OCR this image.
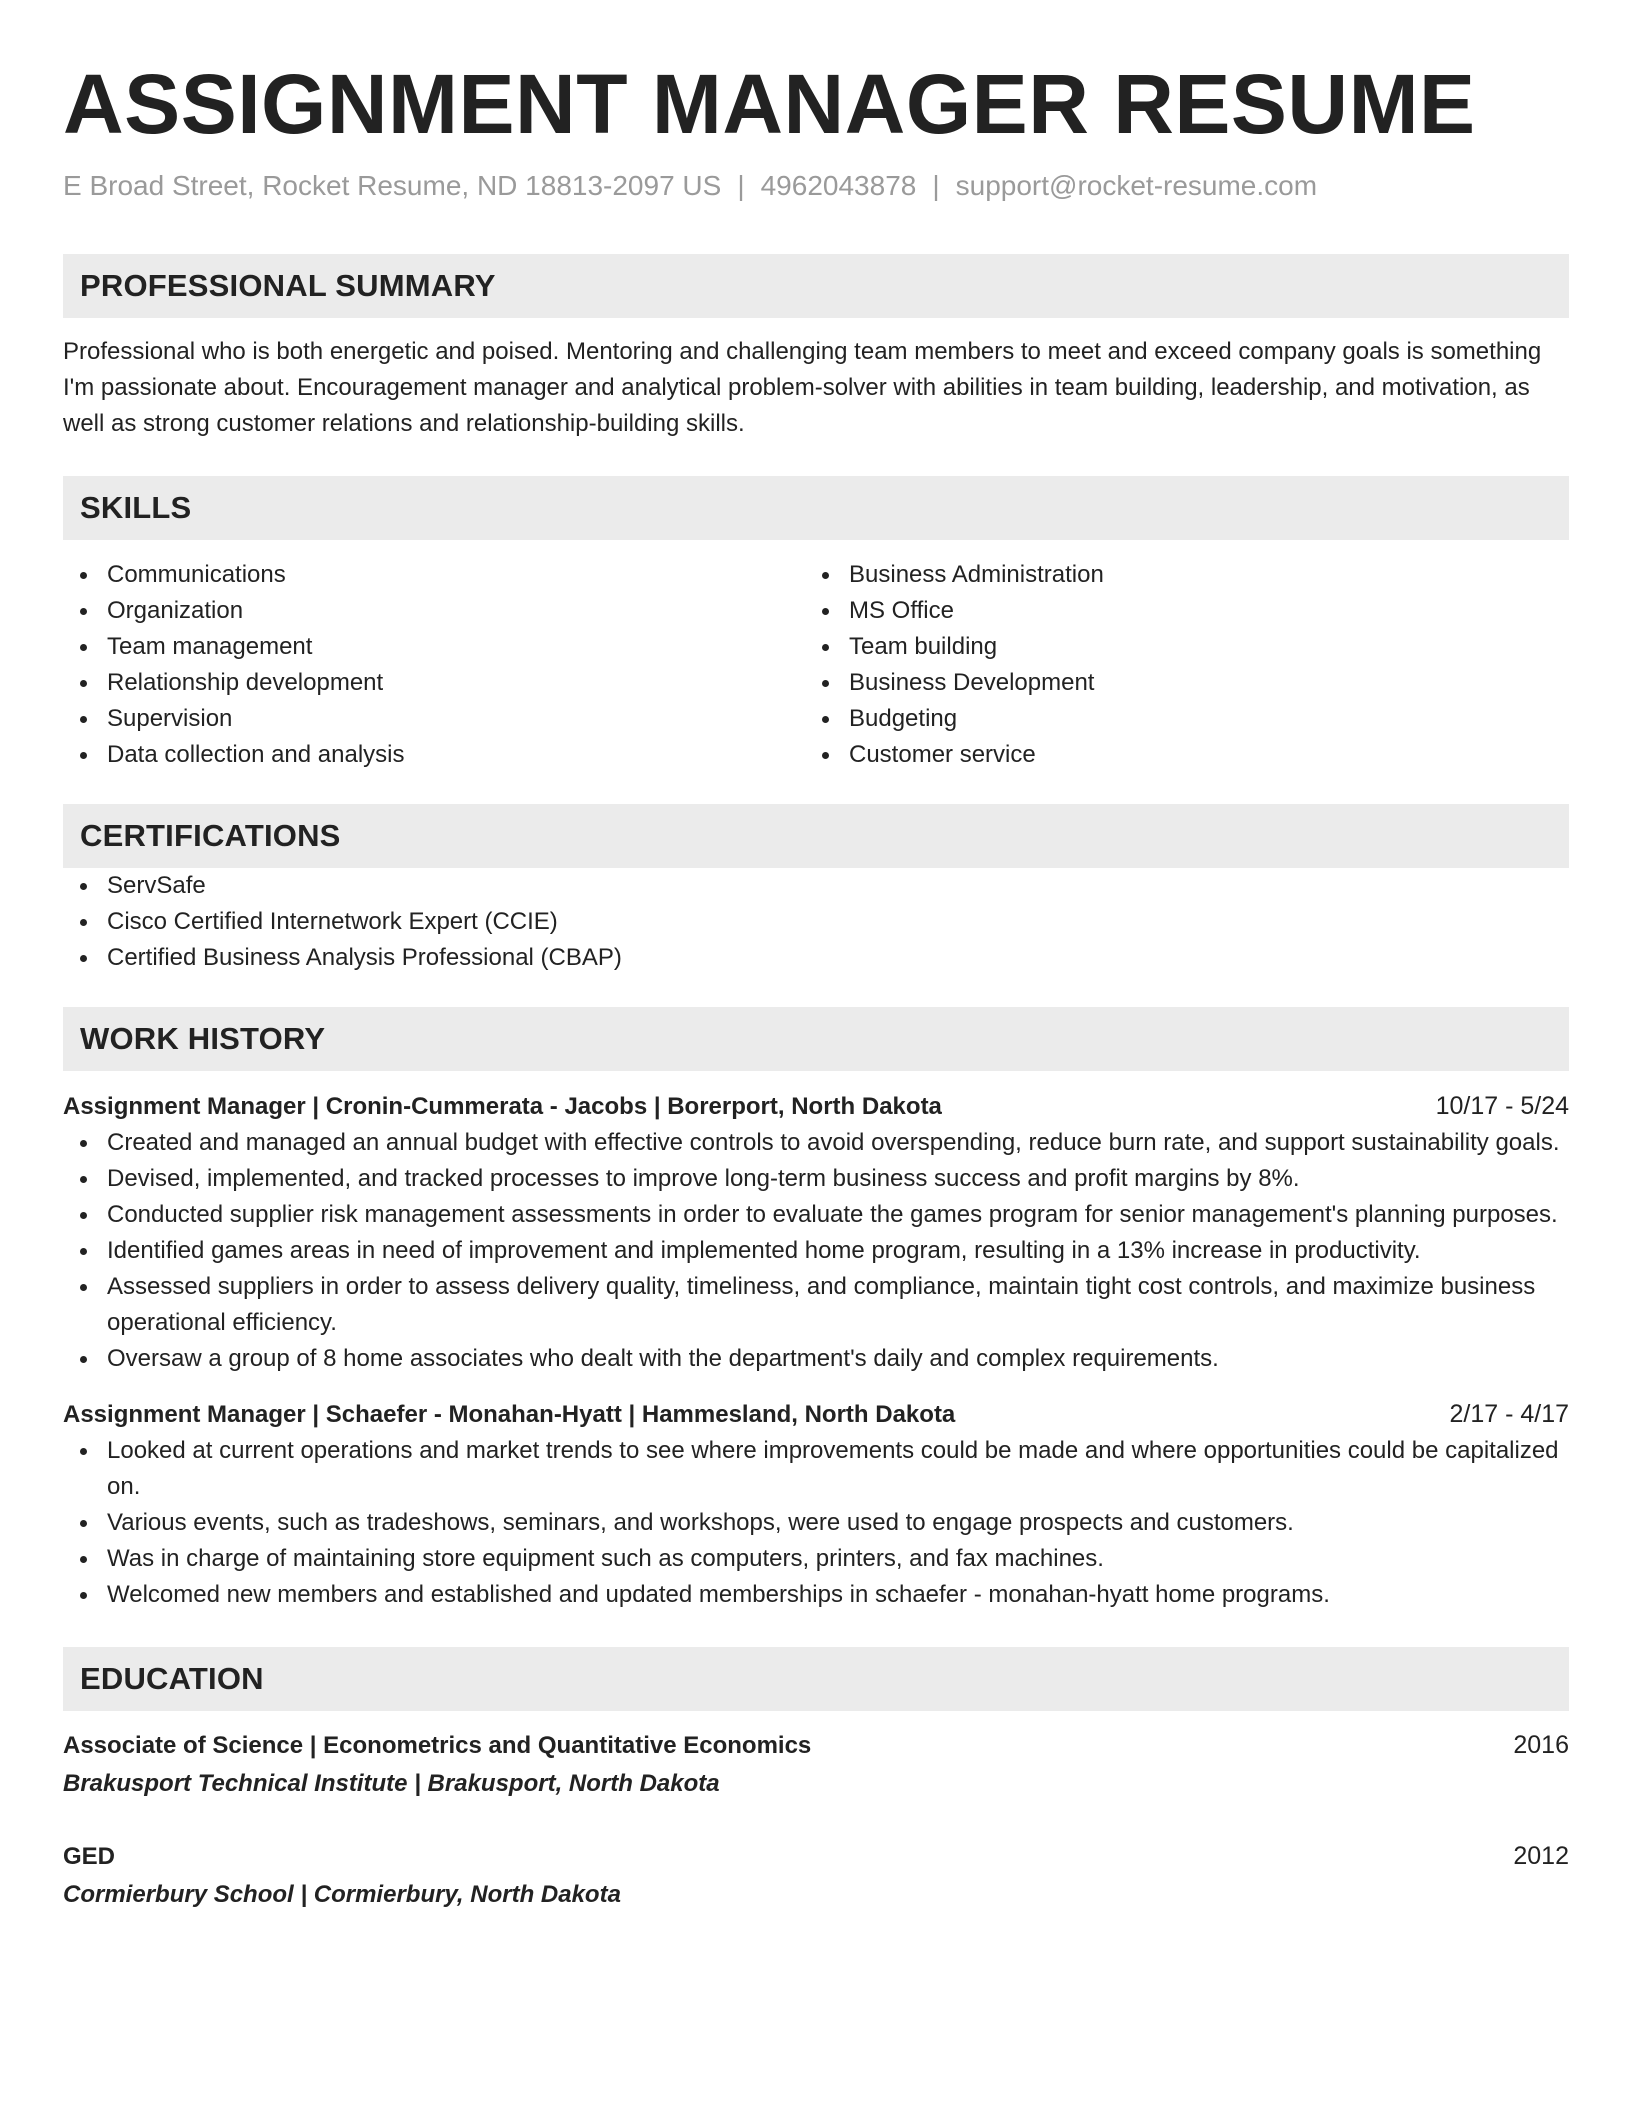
ASSIGNMENT MANAGER RESUME
E Broad Street, Rocket Resume, ND 18813-2097 US | 4962043878 | support@rocket-resume.com
PROFESSIONAL SUMMARY
Professional who is both energetic and poised. Mentoring and challenging team members to meet and exceed company goals is something I'm passionate about. Encouragement manager and analytical problem-solver with abilities in team building, leadership, and motivation, as well as strong customer relations and relationship-building skills.
SKILLS
Communications
Organization
Team management
Relationship development
Supervision
Data collection and analysis
Business Administration
MS Office
Team building
Business Development
Budgeting
Customer service
CERTIFICATIONS
ServSafe
Cisco Certified Internetwork Expert (CCIE)
Certified Business Analysis Professional (CBAP)
WORK HISTORY
Assignment Manager | Cronin-Cummerata - Jacobs | Borerport, North Dakota	10/17 - 5/24
Created and managed an annual budget with effective controls to avoid overspending, reduce burn rate, and support sustainability goals.
Devised, implemented, and tracked processes to improve long-term business success and profit margins by 8%.
Conducted supplier risk management assessments in order to evaluate the games program for senior management's planning purposes.
Identified games areas in need of improvement and implemented home program, resulting in a 13% increase in productivity.
Assessed suppliers in order to assess delivery quality, timeliness, and compliance, maintain tight cost controls, and maximize business operational efficiency.
Oversaw a group of 8 home associates who dealt with the department's daily and complex requirements.
Assignment Manager | Schaefer - Monahan-Hyatt | Hammesland, North Dakota	2/17 - 4/17
Looked at current operations and market trends to see where improvements could be made and where opportunities could be capitalized on.
Various events, such as tradeshows, seminars, and workshops, were used to engage prospects and customers.
Was in charge of maintaining store equipment such as computers, printers, and fax machines.
Welcomed new members and established and updated memberships in schaefer - monahan-hyatt home programs.
EDUCATION
Associate of Science | Econometrics and Quantitative Economics	2016
Brakusport Technical Institute | Brakusport, North Dakota
GED	2012
Cormierbury School | Cormierbury, North Dakota
